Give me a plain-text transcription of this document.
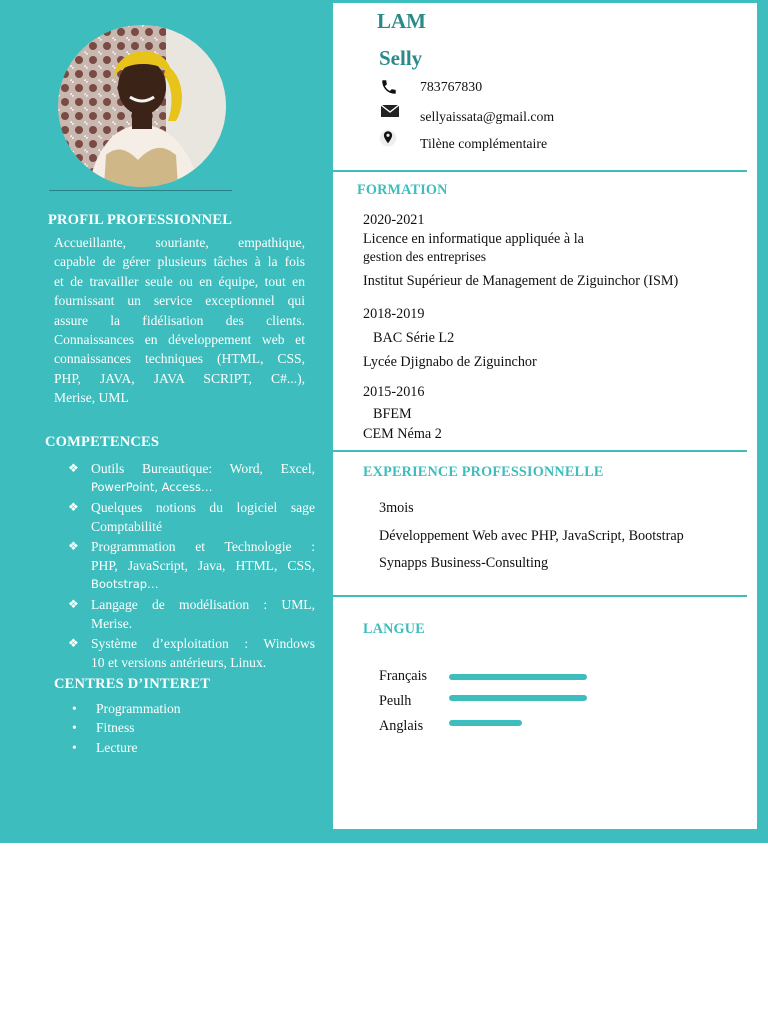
PROFIL PROFESSIONNEL
Accueillante, souriante, empathique,
capable de gérer plusieurs tâches à la fois
et de travailler seule ou en équipe, tout en
fournissant un service exceptionnel qui
assure la fidélisation des clients.
Connaissances en développement web et
connaissances techniques (HTML, CSS,
PHP, JAVA, JAVA SCRIPT, C#...),
Merise, UML
COMPETENCES
❖ Outils Bureautique: Word, Excel,
PowerPoint, Access…
❖ Quelques notions du logiciel sage
Comptabilité
❖ Programmation et Technologie :
PHP, JavaScript, Java, HTML, CSS,
Bootstrap…
❖ Langage de modélisation : UML,
Merise.
❖ Système d’exploitation : Windows
10 et versions antérieurs, Linux.
CENTRES D’INTERET
• Programmation
• Fitness
• Lecture
LAM
Selly
783767830
sellyaissata@gmail.com
Tilène complémentaire
FORMATION
2020-2021
Licence en informatique appliquée à la
gestion des entreprises
Institut Supérieur de Management de Ziguinchor (ISM)
2018-2019
BAC Série L2
Lycée Djignabo de Ziguinchor
2015-2016
BFEM
CEM Néma 2
EXPERIENCE PROFESSIONNELLE
3mois
Développement Web avec PHP, JavaScript, Bootstrap
Synapps Business-Consulting
LANGUE
Français
Peulh
Anglais
